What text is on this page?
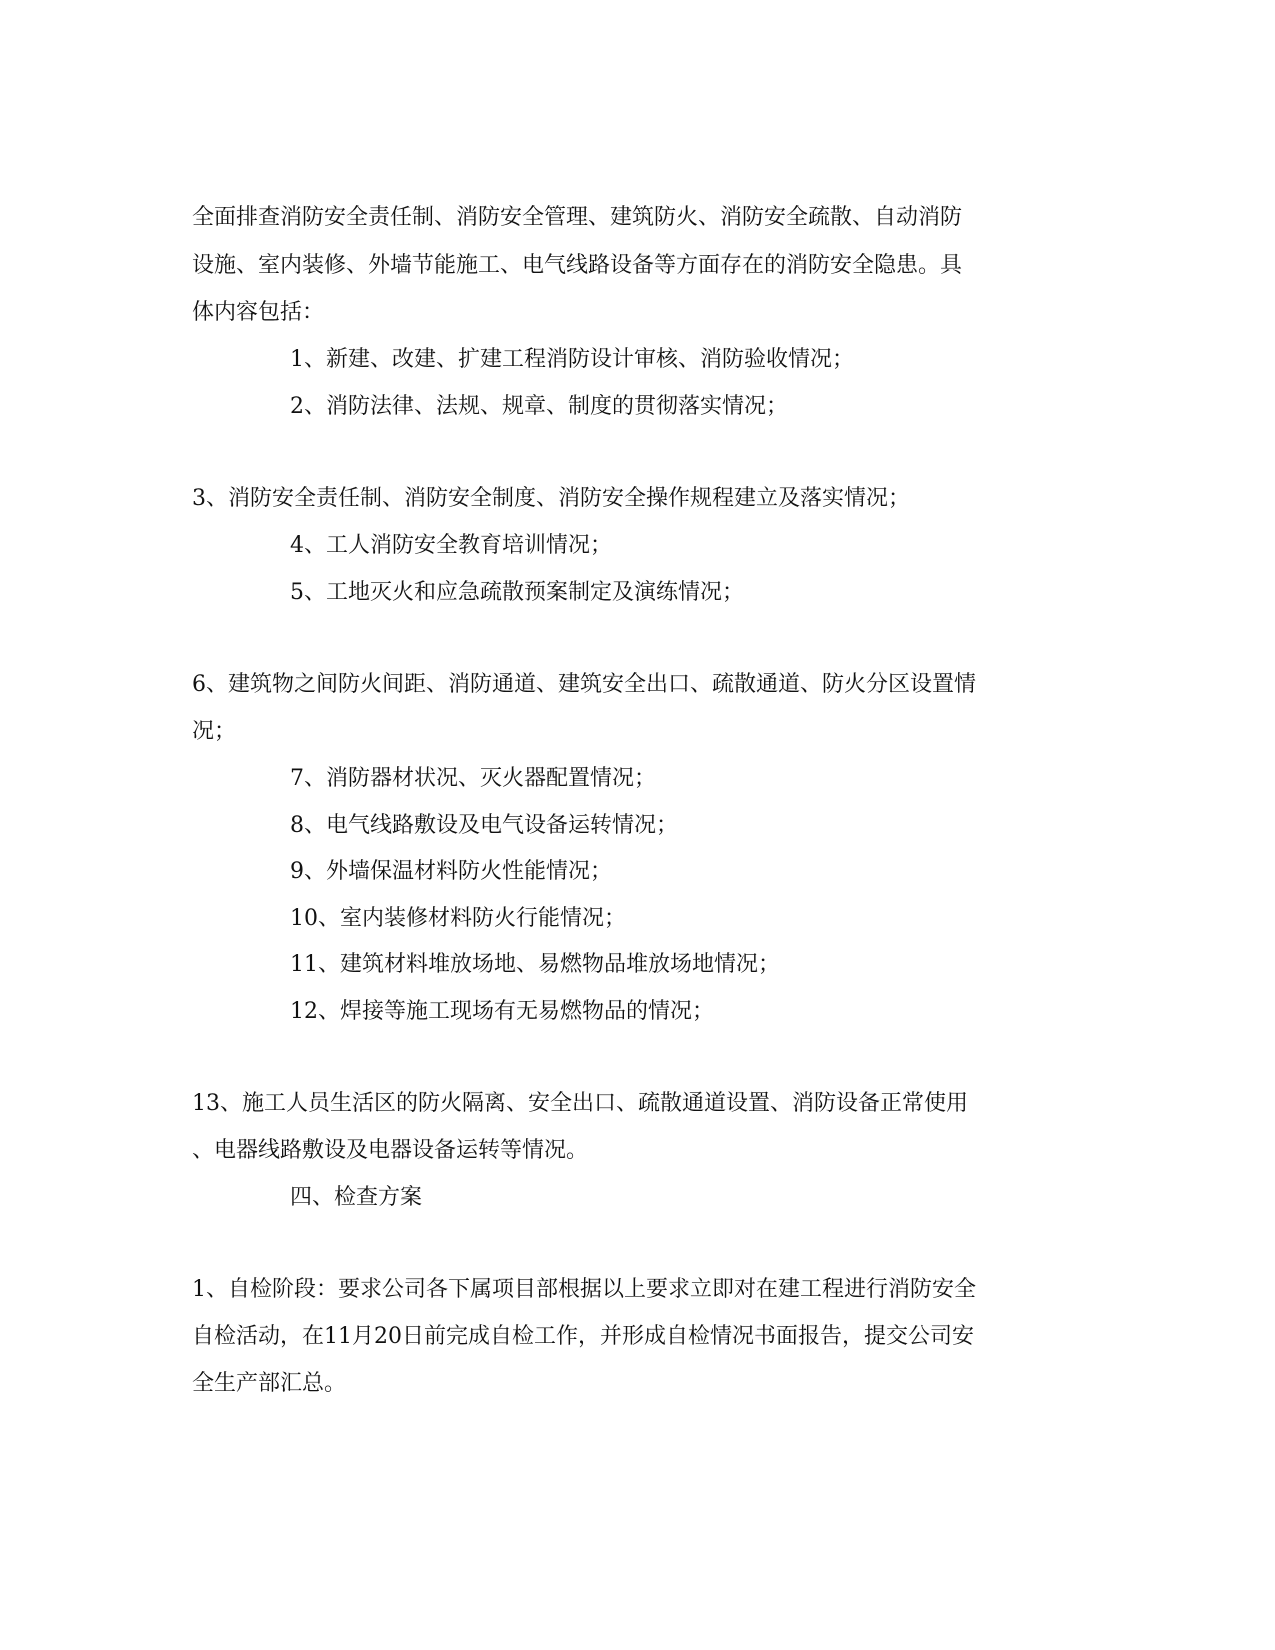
全面排查消防安全责任制、消防安全管理、建筑防火、消防安全疏散、自动消防
设施、室内装修、外墙节能施工、电气线路设备等方面存在的消防安全隐患。具
体内容包括：
1、新建、改建、扩建工程消防设计审核、消防验收情况；
2、消防法律、法规、规章、制度的贯彻落实情况；
3、消防安全责任制、消防安全制度、消防安全操作规程建立及落实情况；
4、工人消防安全教育培训情况；
5、工地灭火和应急疏散预案制定及演练情况；
6、建筑物之间防火间距、消防通道、建筑安全出口、疏散通道、防火分区设置情
况；
7、消防器材状况、灭火器配置情况；
8、电气线路敷设及电气设备运转情况；
9、外墙保温材料防火性能情况；
10、室内装修材料防火行能情况；
11、建筑材料堆放场地、易燃物品堆放场地情况；
12、焊接等施工现场有无易燃物品的情况；
13、施工人员生活区的防火隔离、安全出口、疏散通道设置、消防设备正常使用
、电器线路敷设及电器设备运转等情况。
四、检查方案
1、自检阶段：要求公司各下属项目部根据以上要求立即对在建工程进行消防安全
自检活动，在11月20日前完成自检工作，并形成自检情况书面报告，提交公司安
全生产部汇总。
